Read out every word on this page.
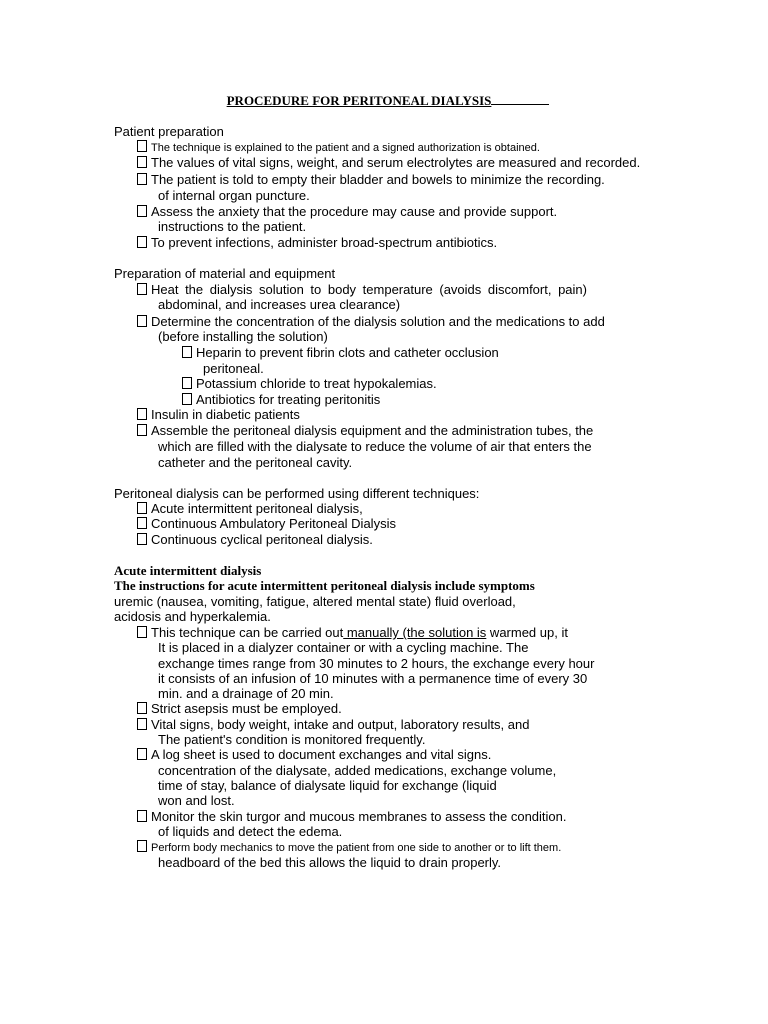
PROCEDURE FOR PERITONEAL DIALYSIS
Patient preparation
The technique is explained to the patient and a signed authorization is obtained.
The values of vital signs, weight, and serum electrolytes are measured and recorded.
The patient is told to empty their bladder and bowels to minimize the recording.
of internal organ puncture.
Assess the anxiety that the procedure may cause and provide support.
instructions to the patient.
To prevent infections, administer broad-spectrum antibiotics.
Preparation of material and equipment
Heat the dialysis solution to body temperature (avoids discomfort, pain)
abdominal, and increases urea clearance)
Determine the concentration of the dialysis solution and the medications to add
(before installing the solution)
Heparin to prevent fibrin clots and catheter occlusion
peritoneal.
Potassium chloride to treat hypokalemias.
Antibiotics for treating peritonitis
Insulin in diabetic patients
Assemble the peritoneal dialysis equipment and the administration tubes, the
which are filled with the dialysate to reduce the volume of air that enters the
catheter and the peritoneal cavity.
Peritoneal dialysis can be performed using different techniques:
Acute intermittent peritoneal dialysis,
Continuous Ambulatory Peritoneal Dialysis
Continuous cyclical peritoneal dialysis.
Acute intermittent dialysis
The instructions for acute intermittent peritoneal dialysis include symptoms
uremic (nausea, vomiting, fatigue, altered mental state) fluid overload,
acidosis and hyperkalemia.
This technique can be carried out manually (the solution is warmed up, it
It is placed in a dialyzer container or with a cycling machine. The
exchange times range from 30 minutes to 2 hours, the exchange every hour
it consists of an infusion of 10 minutes with a permanence time of every 30
min. and a drainage of 20 min.
Strict asepsis must be employed.
Vital signs, body weight, intake and output, laboratory results, and
The patient's condition is monitored frequently.
A log sheet is used to document exchanges and vital signs.
concentration of the dialysate, added medications, exchange volume,
time of stay, balance of dialysate liquid for exchange (liquid
won and lost.
Monitor the skin turgor and mucous membranes to assess the condition.
of liquids and detect the edema.
Perform body mechanics to move the patient from one side to another or to lift them.
headboard of the bed this allows the liquid to drain properly.
